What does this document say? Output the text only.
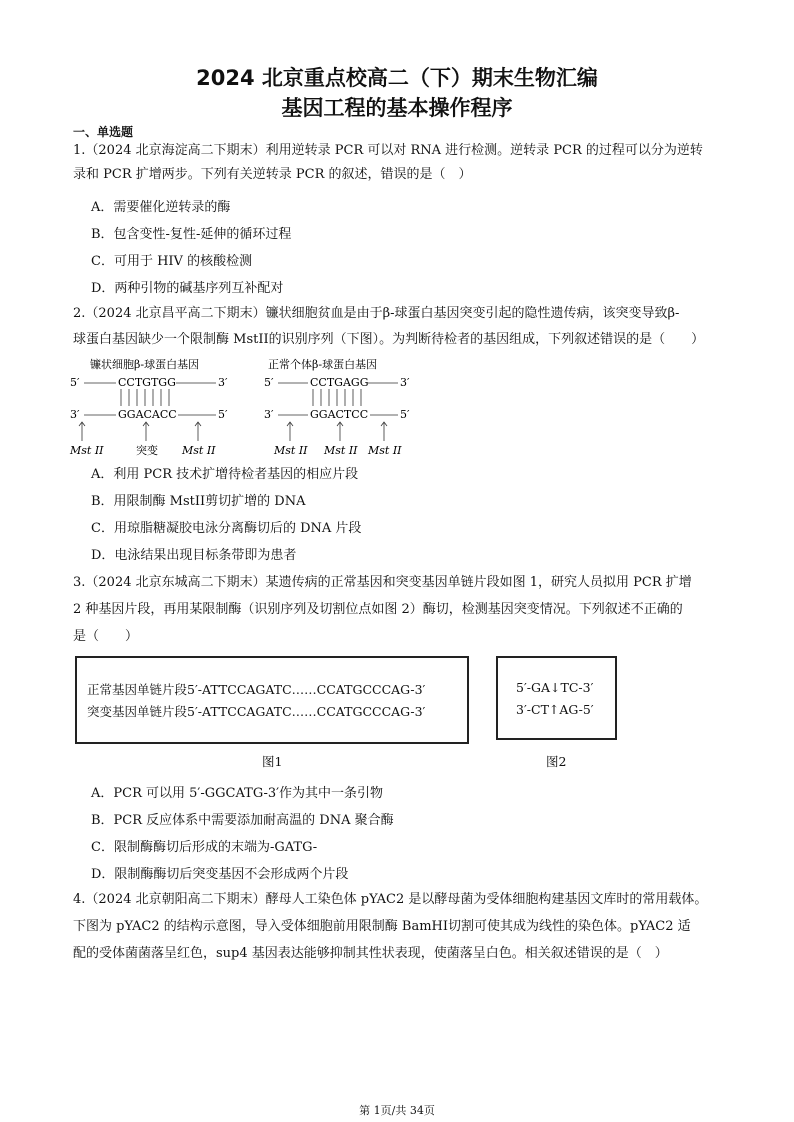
2024 北京重点校高二（下）期末生物汇编
基因工程的基本操作程序
一、单选题
1.（2024 北京海淀高二下期末）利用逆转录 PCR 可以对 RNA 进行检测。逆转录 PCR 的过程可以分为逆转
录和 PCR 扩增两步。下列有关逆转录 PCR 的叙述，错误的是（　）
A．需要催化逆转录的酶
B．包含变性-复性-延伸的循环过程
C．可用于 HIV 的核酸检测
D．两种引物的碱基序列互补配对
2.（2024 北京昌平高二下期末）镰状细胞贫血是由于β-球蛋白基因突变引起的隐性遗传病，该突变导致β-
球蛋白基因缺少一个限制酶 MstII的识别序列（下图）。为判断待检者的基因组成，下列叙述错误的是（　　）
镰状细胞β-球蛋白基因
5′	CCTGTGG	3′
3′	GGACACC	5′
Mst II	突变 Mst II
正常个体β-球蛋白基因
5′	CCTGAGG	3′
3′	GGACTCC	5′
Mst II Mst II Mst II
A．利用 PCR 技术扩增待检者基因的相应片段
B．用限制酶 MstII剪切扩增的 DNA
C．用琼脂糖凝胶电泳分离酶切后的 DNA 片段
D．电泳结果出现目标条带即为患者
3.（2024 北京东城高二下期末）某遗传病的正常基因和突变基因单链片段如图 1，研究人员拟用 PCR 扩增
2 种基因片段，再用某限制酶（识别序列及切割位点如图 2）酶切，检测基因突变情况。下列叙述不正确的
是（　　）
正常基因单链片段5′-ATTCCAGATC……CCATGCCCAG-3′
突变基因单链片段5′-ATTCCAGATC……CCATGCCCAG-3′
5′-GA↓TC-3′
3′-CT↑AG-5′
图1	图2
A．PCR 可以用 5′-GGCATG-3′作为其中一条引物
B．PCR 反应体系中需要添加耐高温的 DNA 聚合酶
C．限制酶酶切后形成的末端为-GATG-
D．限制酶酶切后突变基因不会形成两个片段
4.（2024 北京朝阳高二下期末）酵母人工染色体 pYAC2 是以酵母菌为受体细胞构建基因文库时的常用载体。
下图为 pYAC2 的结构示意图，导入受体细胞前用限制酶 BamHI切割可使其成为线性的染色体。pYAC2 适
配的受体菌菌落呈红色，sup4 基因表达能够抑制其性状表现，使菌落呈白色。相关叙述错误的是（　）
第 1页/共 34页
